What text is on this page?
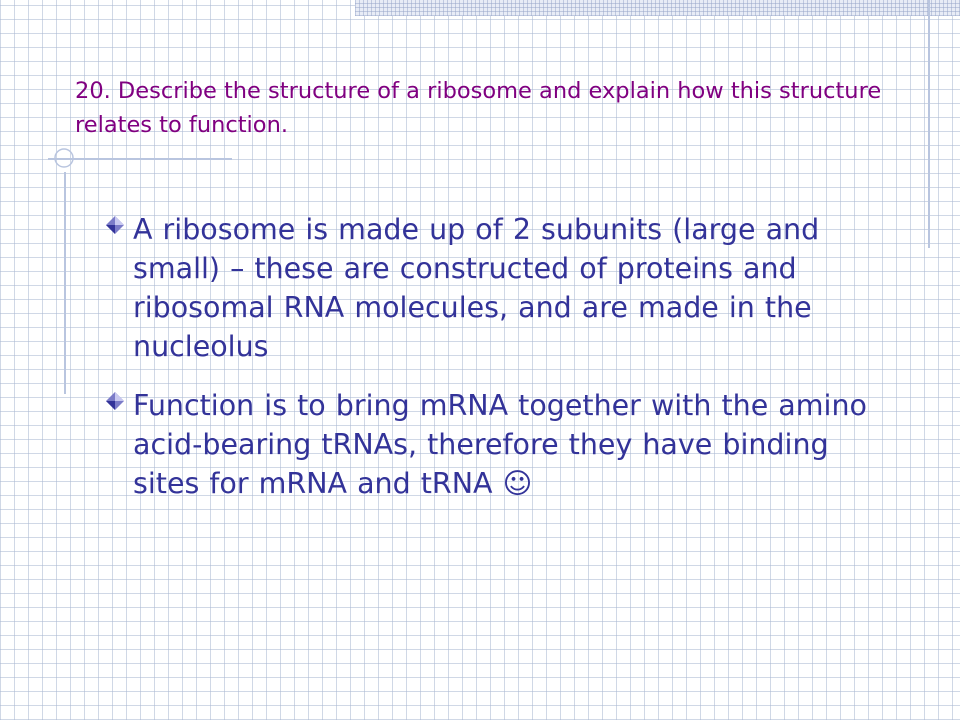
20. Describe the structure of a ribosome and explain how this structure relates to function.
A ribosome is made up of 2 subunits (large and small) – these are constructed of proteins and ribosomal RNA molecules, and are made in the nucleolus
Function is to bring mRNA together with the amino acid-bearing tRNAs, therefore they have binding sites for mRNA and tRNA ☺
